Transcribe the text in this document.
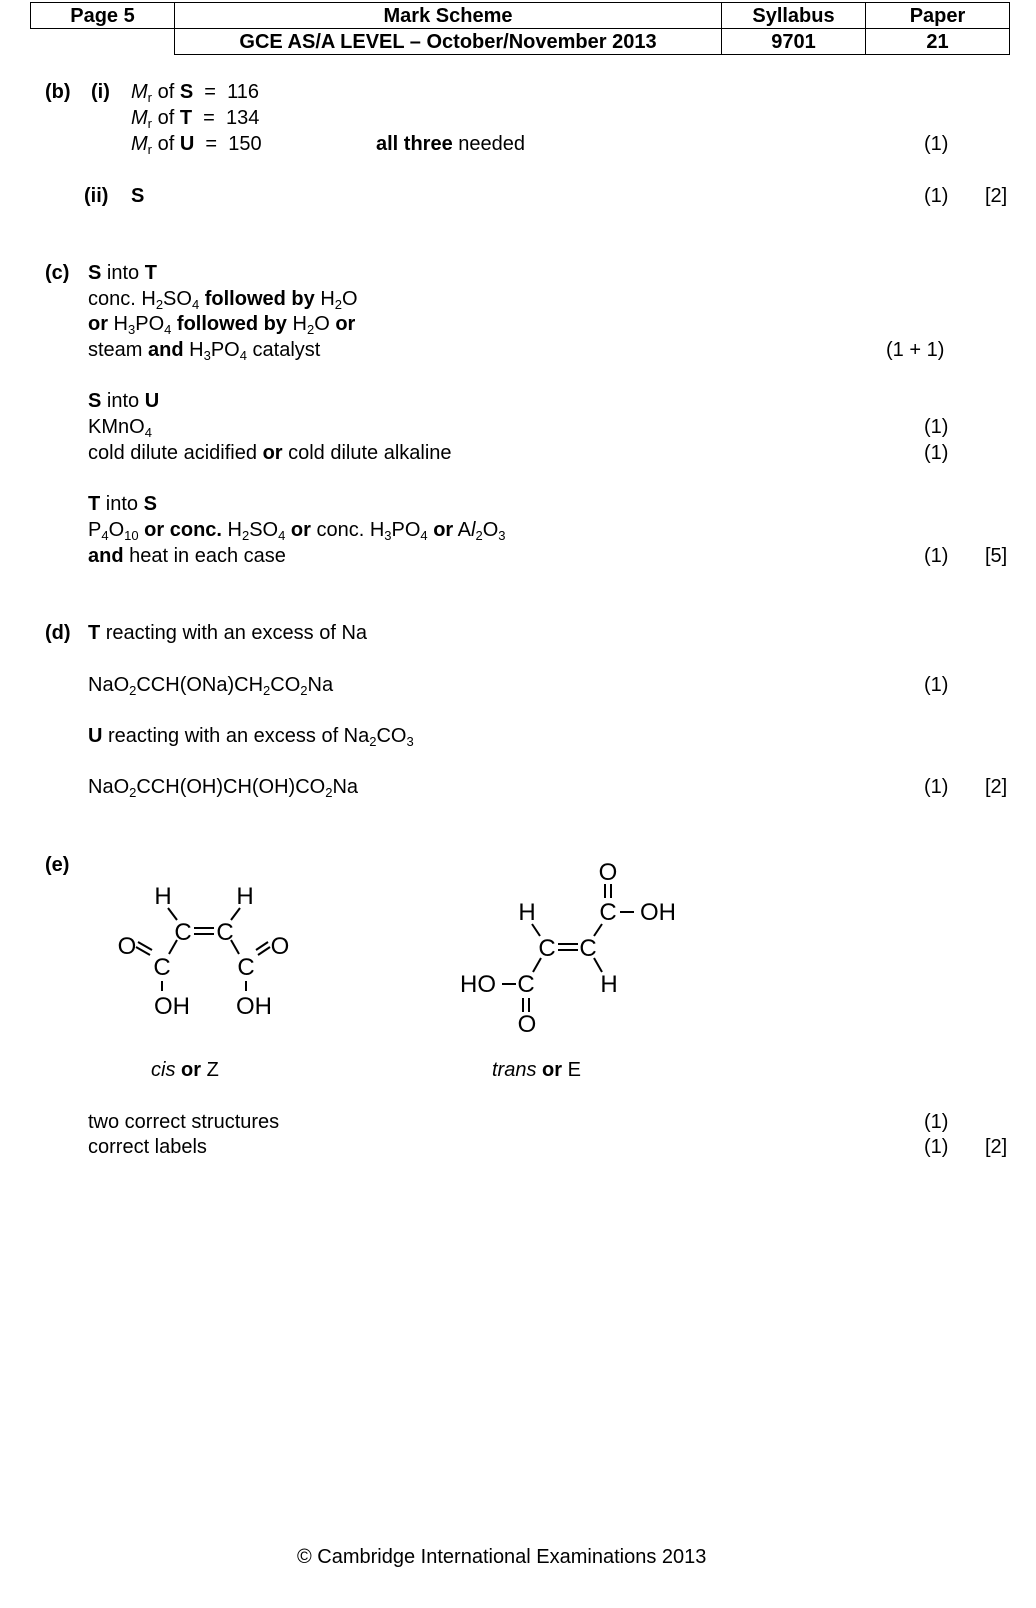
Page 5	Mark Scheme	Syllabus	Paper
	GCE AS/A LEVEL – October/November 2013	9701	21
(b) (i) $M_r$ of S = 116
$M_r$ of T = 134
$M_r$ of U = 150	all three needed	(1)
(ii) S	(1) [2]
(c) S into T
conc. $H_2SO_4$ followed by $H_2O$
or $H_3PO_4$ followed by $H_2O$ or
steam and $H_3PO_4$ catalyst	(1 + 1)
S into U
KMnO$_4$	(1)
cold dilute acidified or cold dilute alkaline	(1)
T into S
$P_4O_{10}$ or conc. $H_2SO_4$ or conc. $H_3PO_4$ or $Al_2O_3$
and heat in each case	(1) [5]
(d) T reacting with an excess of Na
$NaO_2CCH(ONa)CH_2CO_2Na$	(1)
U reacting with an excess of $Na_2CO_3$
$NaO_2CCH(OH)CH(OH)CO_2Na$	(1) [2]
(e)
H	H
C C
O	O
C	C
OH OH
O
C OH
H
C C
HO C	H
O
cis or Z	trans or E
two correct structures	(1)
correct labels	(1) [2]
© Cambridge International Examinations 2013
